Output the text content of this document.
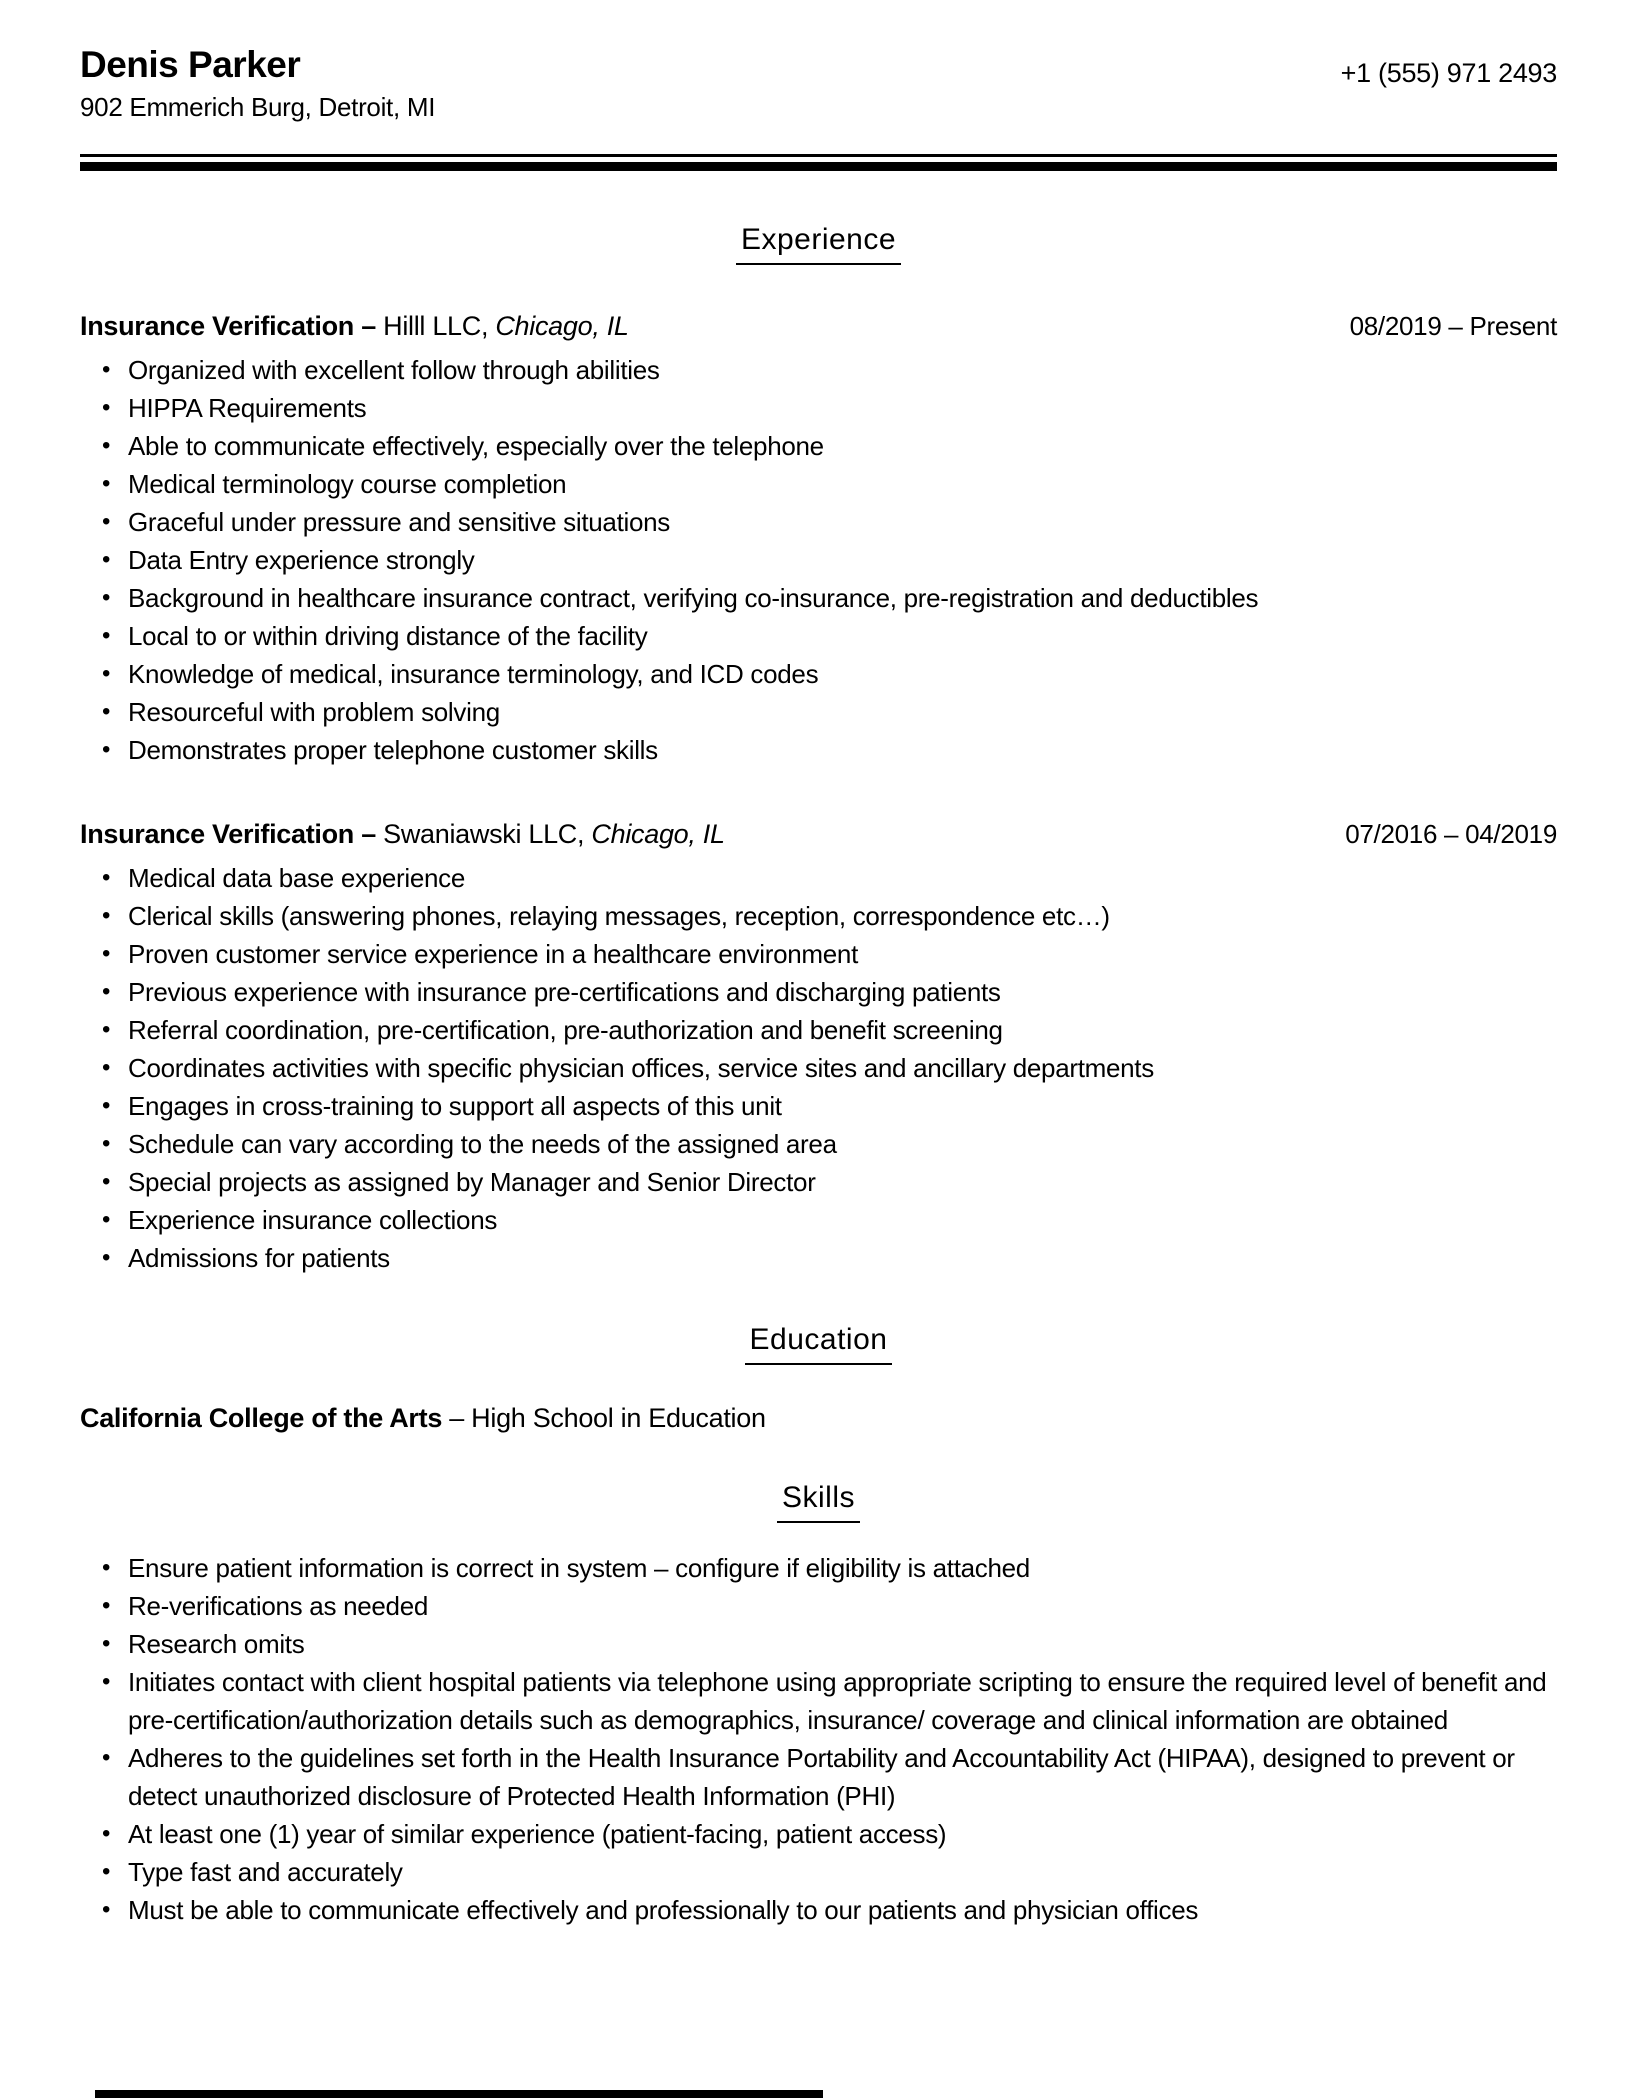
Denis Parker
902 Emmerich Burg, Detroit, MI
+1 (555) 971 2493
Experience
Insurance Verification – Hilll LLC, Chicago, IL	08/2019 – Present
• Organized with excellent follow through abilities
• HIPPA Requirements
• Able to communicate effectively, especially over the telephone
• Medical terminology course completion
• Graceful under pressure and sensitive situations
• Data Entry experience strongly
• Background in healthcare insurance contract, verifying co-insurance, pre-registration and deductibles
• Local to or within driving distance of the facility
• Knowledge of medical, insurance terminology, and ICD codes
• Resourceful with problem solving
• Demonstrates proper telephone customer skills
Insurance Verification – Swaniawski LLC, Chicago, IL	07/2016 – 04/2019
• Medical data base experience
• Clerical skills (answering phones, relaying messages, reception, correspondence etc…)
• Proven customer service experience in a healthcare environment
• Previous experience with insurance pre-certifications and discharging patients
• Referral coordination, pre-certification, pre-authorization and benefit screening
• Coordinates activities with specific physician offices, service sites and ancillary departments
• Engages in cross-training to support all aspects of this unit
• Schedule can vary according to the needs of the assigned area
• Special projects as assigned by Manager and Senior Director
• Experience insurance collections
• Admissions for patients
Education
California College of the Arts – High School in Education
Skills
• Ensure patient information is correct in system – configure if eligibility is attached
• Re-verifications as needed
• Research omits
• Initiates contact with client hospital patients via telephone using appropriate scripting to ensure the required level of benefit and pre-certification/authorization details such as demographics, insurance/ coverage and clinical information are obtained
• Adheres to the guidelines set forth in the Health Insurance Portability and Accountability Act (HIPAA), designed to prevent or detect unauthorized disclosure of Protected Health Information (PHI)
• At least one (1) year of similar experience (patient-facing, patient access)
• Type fast and accurately
• Must be able to communicate effectively and professionally to our patients and physician offices
